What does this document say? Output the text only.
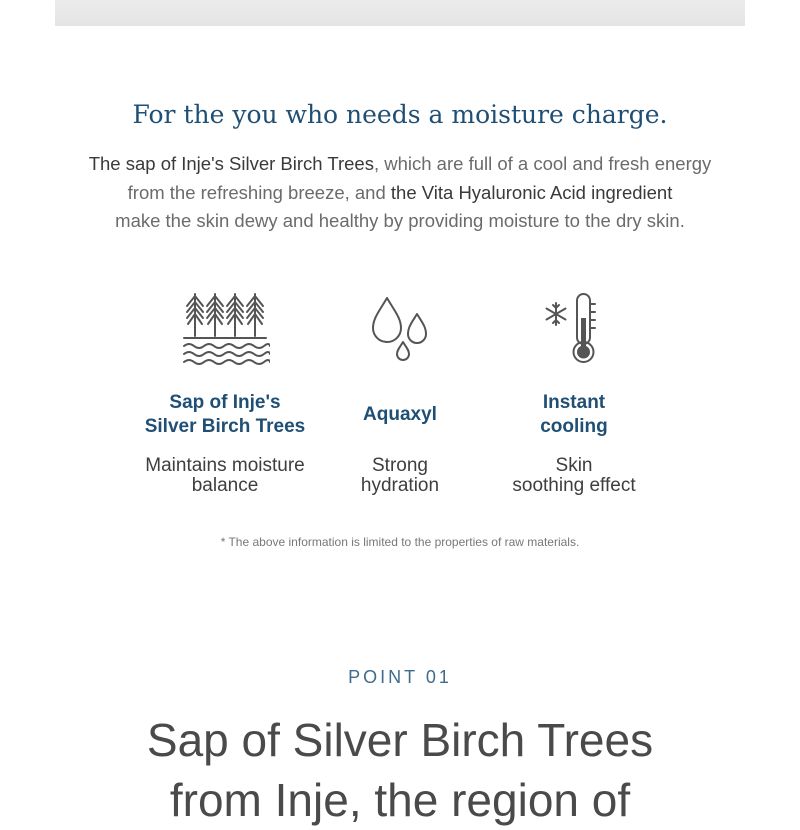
For the you who needs a moisture charge.
The sap of Inje's Silver Birch Trees, which are full of a cool and fresh energy
from the refreshing breeze, and the Vita Hyaluronic Acid ingredient
make the skin dewy and healthy by providing moisture to the dry skin.
Sap of Inje's
Silver Birch Trees
Maintains moisture
balance
Aquaxyl
Strong
hydration
Instant
cooling
Skin
soothing effect
* The above information is limited to the properties of raw materials.
POINT 01
Sap of Silver Birch Trees
from Inje, the region of
